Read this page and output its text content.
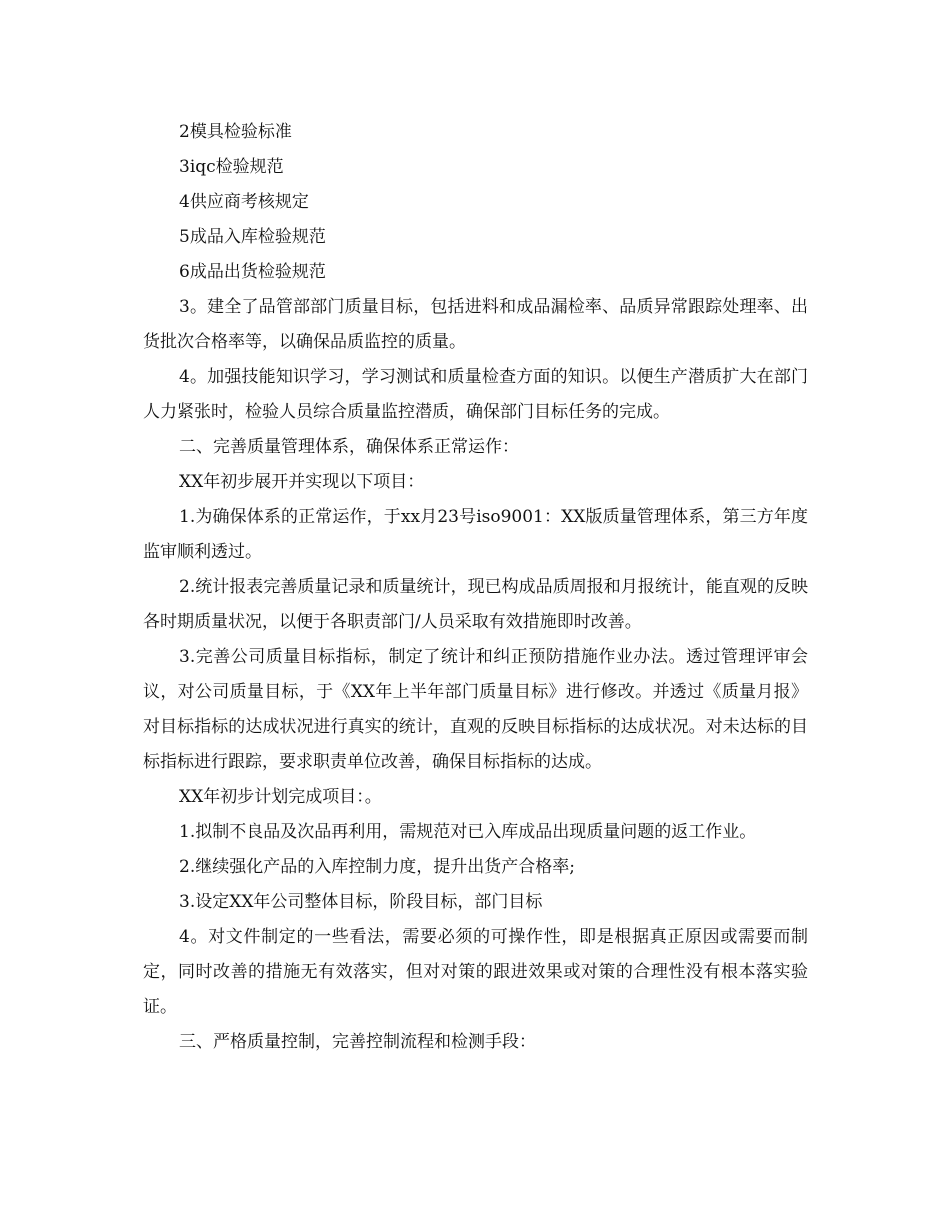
2模具检验标准

3iqc检验规范

4供应商考核规定

5成品入库检验规范

6成品出货检验规范

3。建全了品管部部门质量目标，包括进料和成品漏检率、品质异常跟踪处理率、出货批次合格率等，以确保品质监控的质量。

4。加强技能知识学习，学习测试和质量检查方面的知识。以便生产潜质扩大在部门人力紧张时，检验人员综合质量监控潜质，确保部门目标任务的完成。

二、完善质量管理体系，确保体系正常运作：

XX年初步展开并实现以下项目：

1.为确保体系的正常运作，于xx月23号iso9001：XX版质量管理体系，第三方年度监审顺利透过。

2.统计报表完善质量记录和质量统计，现已构成品质周报和月报统计，能直观的反映各时期质量状况，以便于各职责部门/人员采取有效措施即时改善。

3.完善公司质量目标指标，制定了统计和纠正预防措施作业办法。透过管理评审会议，对公司质量目标，于《XX年上半年部门质量目标》进行修改。并透过《质量月报》对目标指标的达成状况进行真实的统计，直观的反映目标指标的达成状况。对未达标的目标指标进行跟踪，要求职责单位改善，确保目标指标的达成。

XX年初步计划完成项目：。

1.拟制不良品及次品再利用，需规范对已入库成品出现质量问题的返工作业。

2.继续强化产品的入库控制力度，提升出货产合格率;

3.设定XX年公司整体目标，阶段目标，部门目标

4。对文件制定的一些看法，需要必须的可操作性，即是根据真正原因或需要而制定，同时改善的措施无有效落实，但对对策的跟进效果或对策的合理性没有根本落实验证。

三、严格质量控制，完善控制流程和检测手段：
